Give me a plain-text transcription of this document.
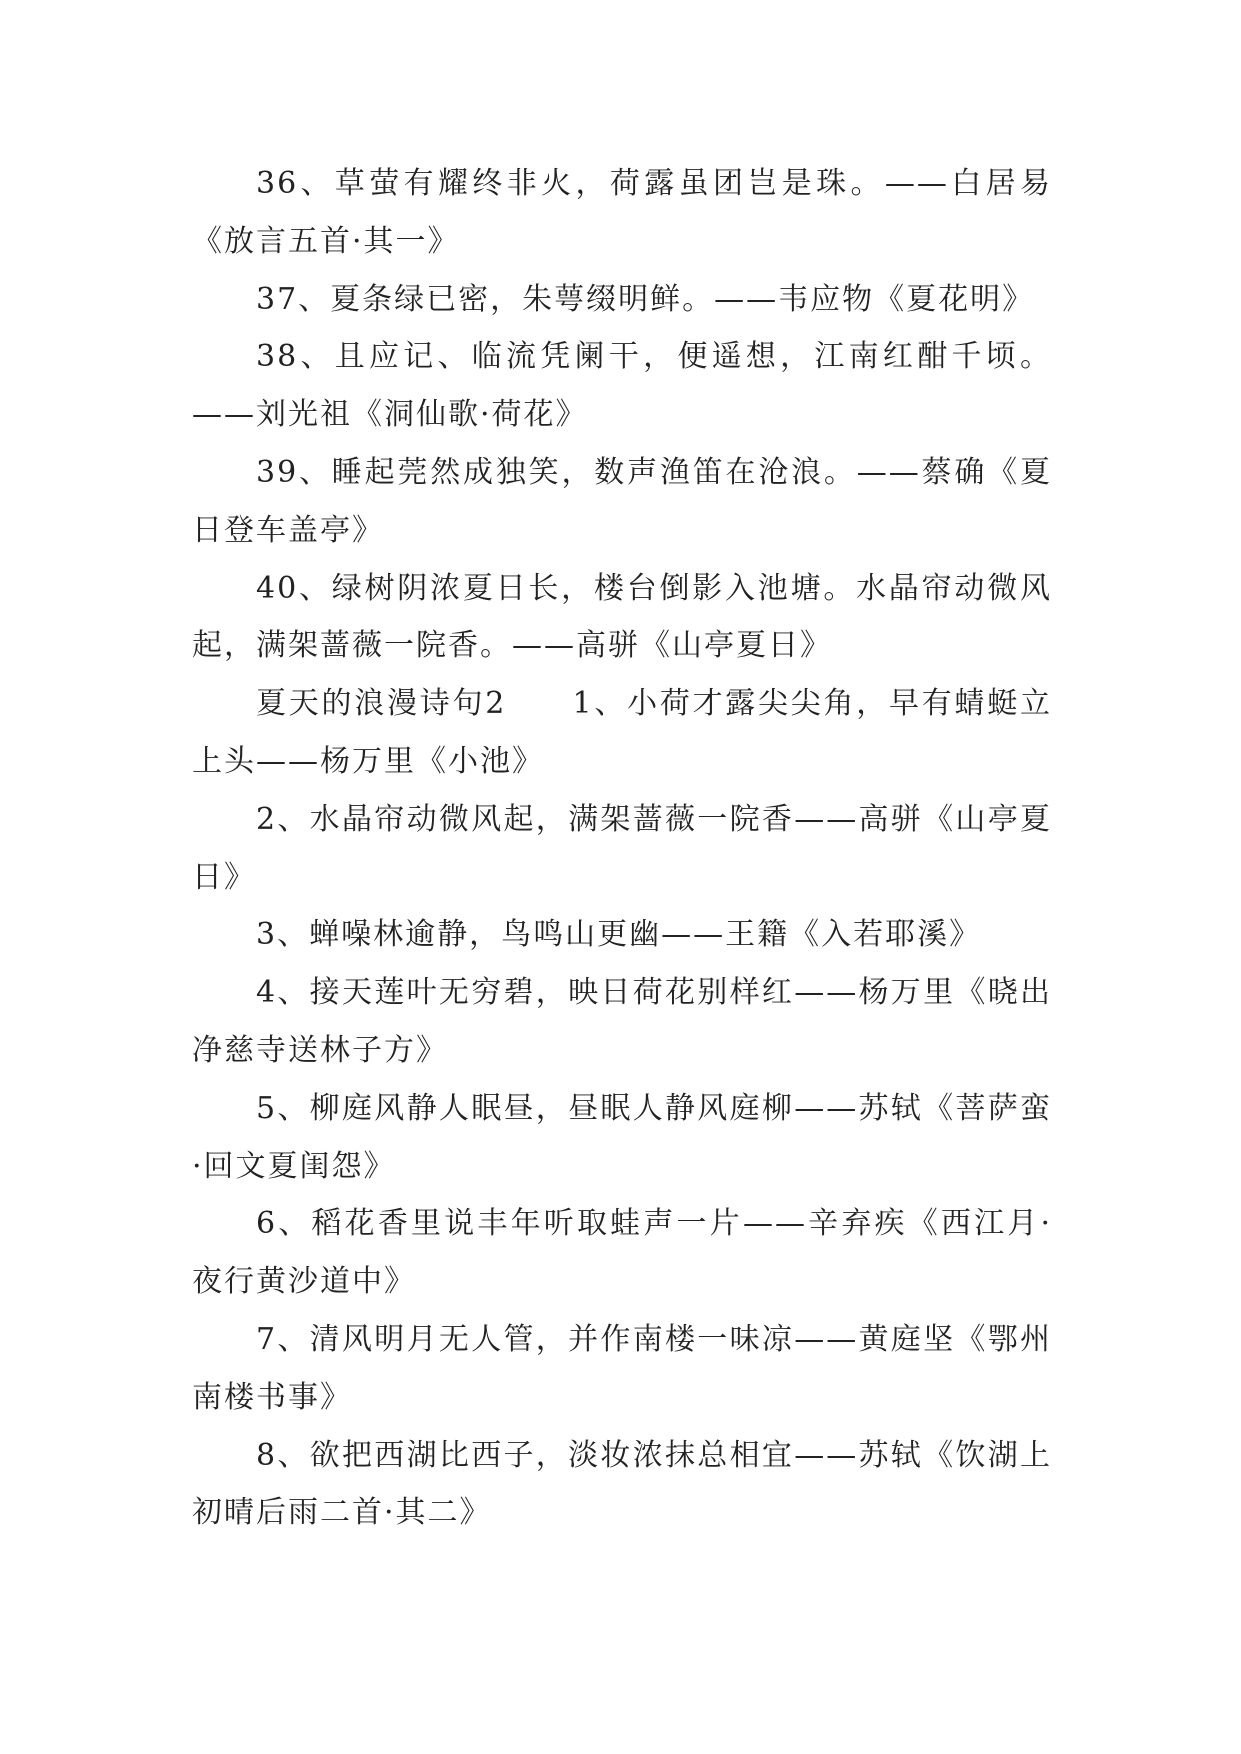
36、草萤有耀终非火，荷露虽团岂是珠。——白居易《放言五首·其一》

37、夏条绿已密，朱萼缀明鲜。——韦应物《夏花明》

38、且应记、临流凭阑干，便遥想，江南红酣千顷。——刘光祖《洞仙歌·荷花》

39、睡起莞然成独笑，数声渔笛在沧浪。——蔡确《夏日登车盖亭》

40、绿树阴浓夏日长，楼台倒影入池塘。水晶帘动微风起，满架蔷薇一院香。——高骈《山亭夏日》

夏天的浪漫诗句2　　1、小荷才露尖尖角，早有蜻蜓立上头——杨万里《小池》

2、水晶帘动微风起，满架蔷薇一院香——高骈《山亭夏日》

3、蝉噪林逾静，鸟鸣山更幽——王籍《入若耶溪》

4、接天莲叶无穷碧，映日荷花别样红——杨万里《晓出净慈寺送林子方》

5、柳庭风静人眠昼，昼眠人静风庭柳——苏轼《菩萨蛮·回文夏闺怨》

6、稻花香里说丰年听取蛙声一片——辛弃疾《西江月·夜行黄沙道中》

7、清风明月无人管，并作南楼一味凉——黄庭坚《鄂州南楼书事》

8、欲把西湖比西子，淡妆浓抹总相宜——苏轼《饮湖上初晴后雨二首·其二》
